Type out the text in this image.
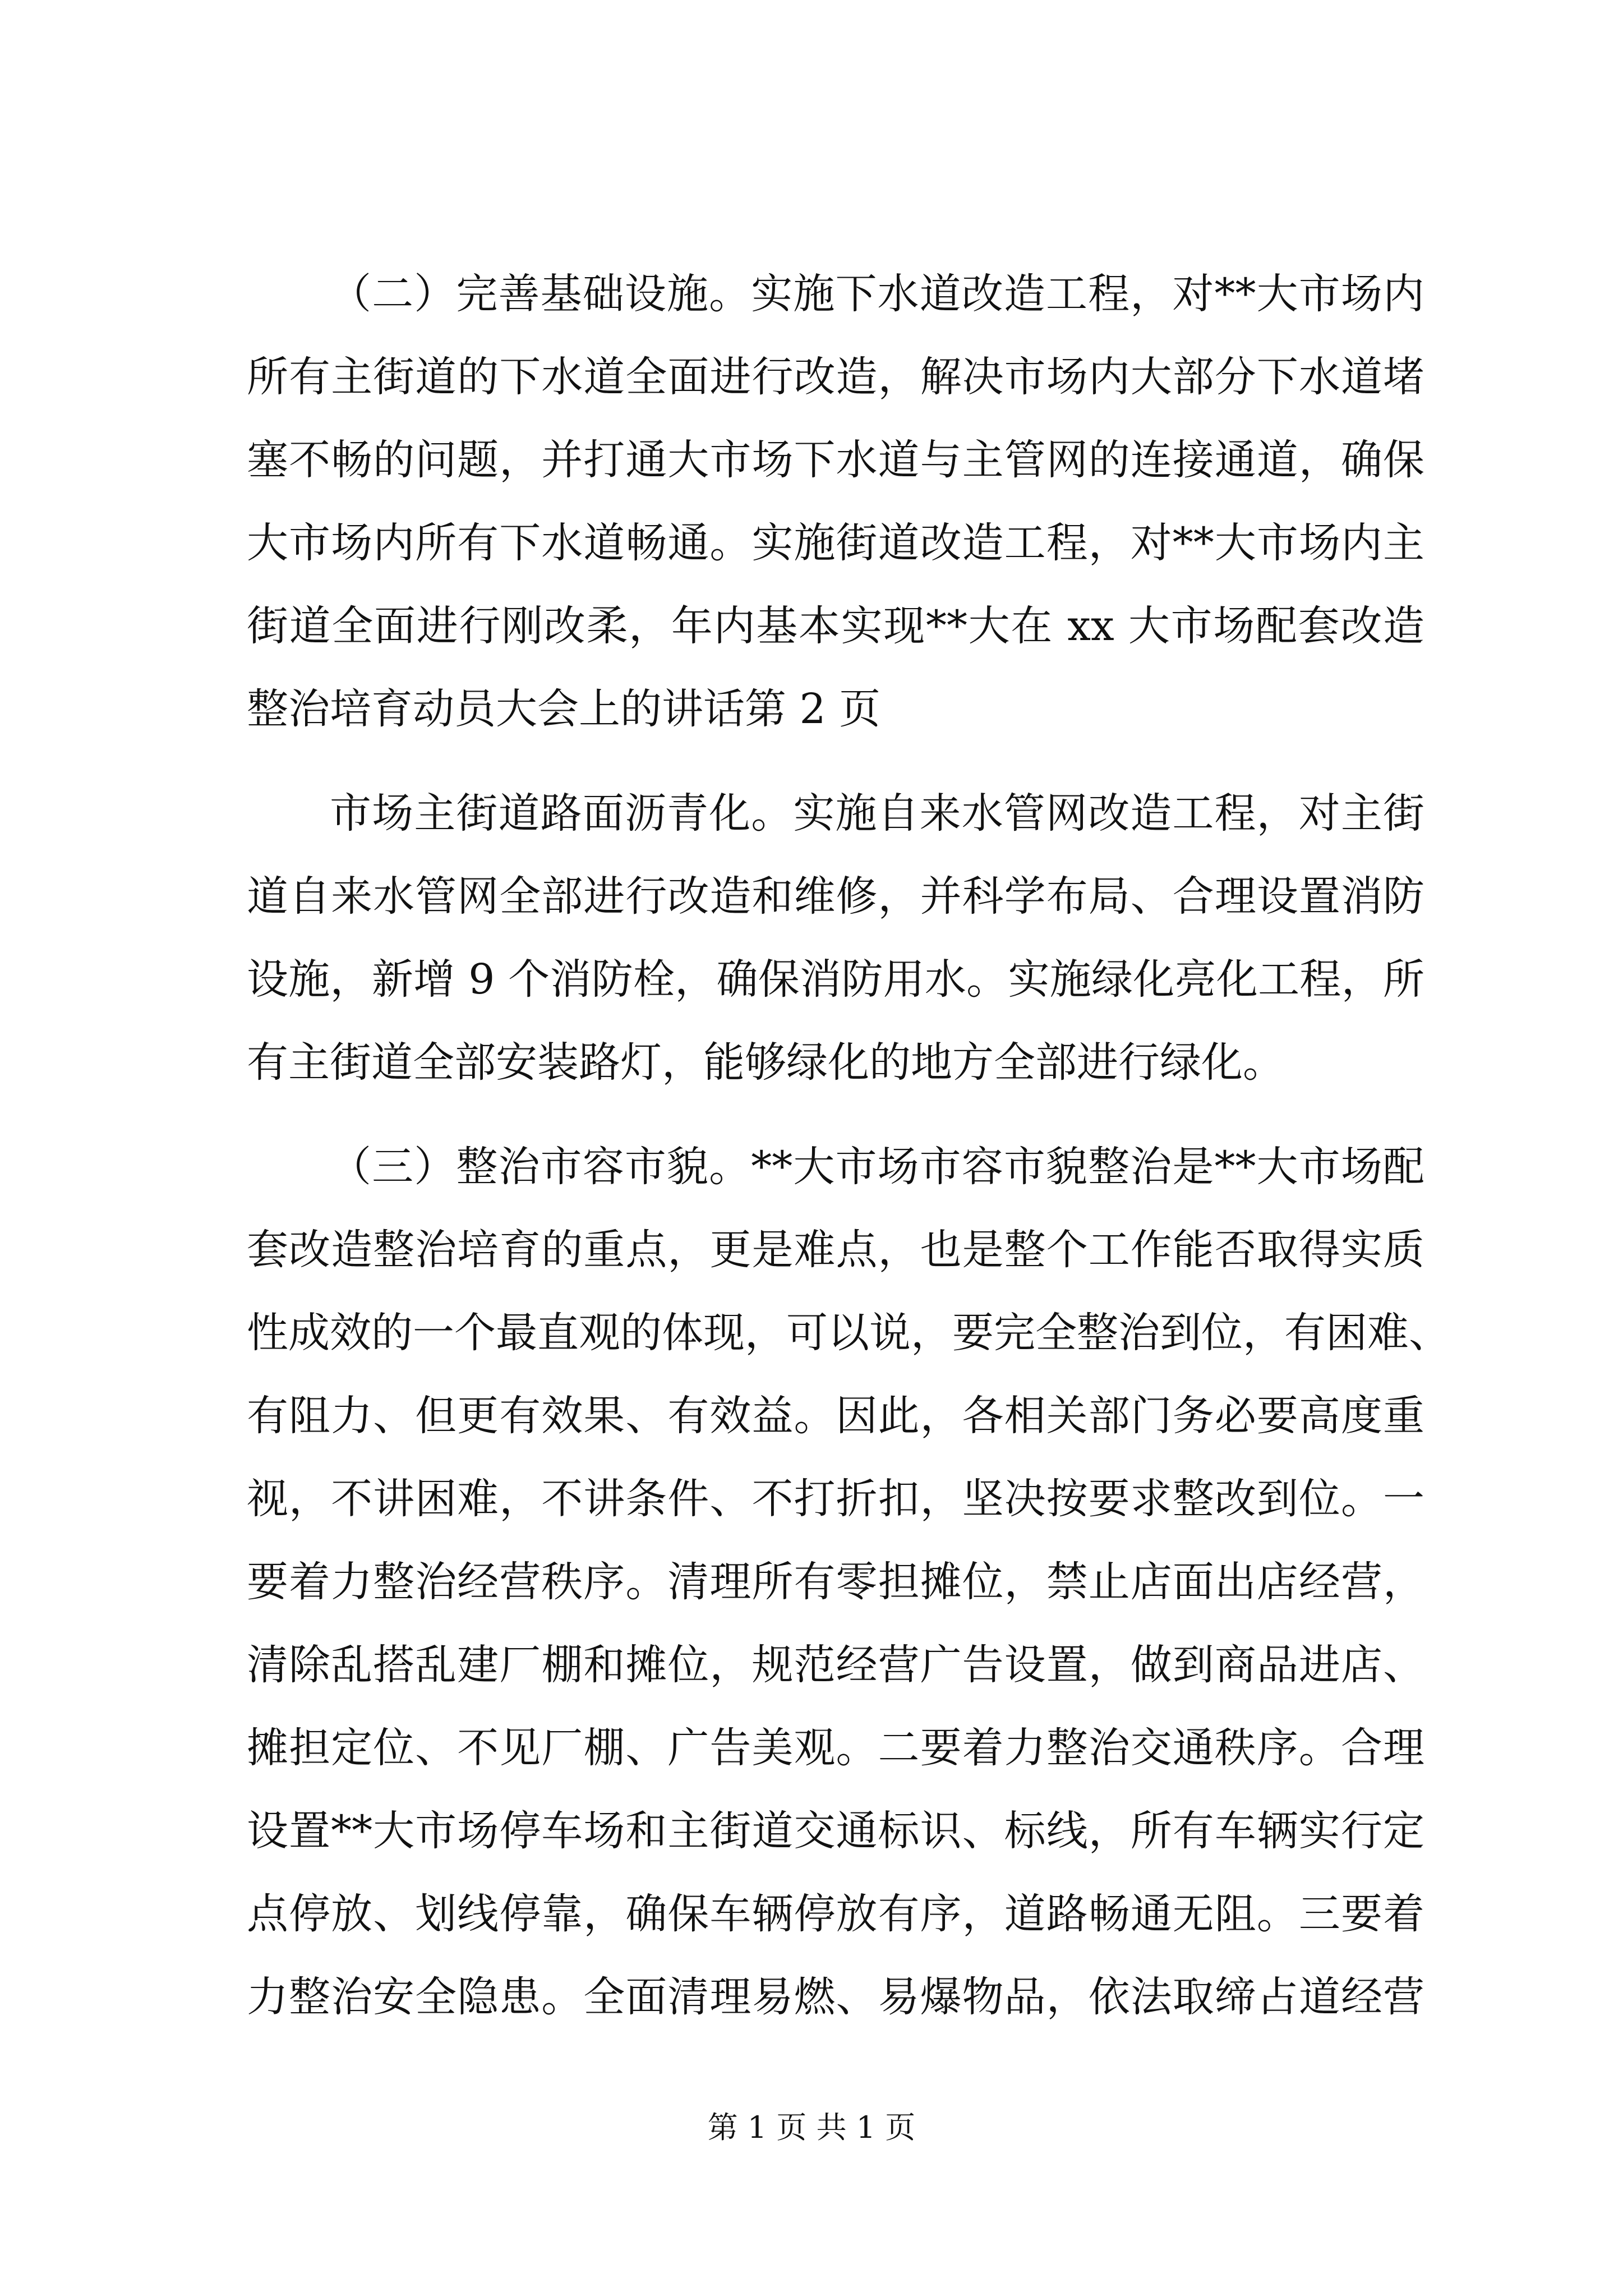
（二）完善基础设施。实施下水道改造工程，对**大市场内
所有主街道的下水道全面进行改造，解决市场内大部分下水道堵
塞不畅的问题，并打通大市场下水道与主管网的连接通道，确保
大市场内所有下水道畅通。实施街道改造工程，对**大市场内主
街道全面进行刚改柔，年内基本实现**大在 xx 大市场配套改造
整治培育动员大会上的讲话第 2 页
市场主街道路面沥青化。实施自来水管网改造工程，对主街
道自来水管网全部进行改造和维修，并科学布局、合理设置消防
设施，新增 9 个消防栓，确保消防用水。实施绿化亮化工程，所
有主街道全部安装路灯，能够绿化的地方全部进行绿化。
（三）整治市容市貌。**大市场市容市貌整治是**大市场配
套改造整治培育的重点，更是难点，也是整个工作能否取得实质
性成效的一个最直观的体现，可以说，要完全整治到位，有困难、
有阻力、但更有效果、有效益。因此，各相关部门务必要高度重
视，不讲困难，不讲条件、不打折扣，坚决按要求整改到位。一
要着力整治经营秩序。清理所有零担摊位，禁止店面出店经营，
清除乱搭乱建厂棚和摊位，规范经营广告设置，做到商品进店、
摊担定位、不见厂棚、广告美观。二要着力整治交通秩序。合理
设置**大市场停车场和主街道交通标识、标线，所有车辆实行定
点停放、划线停靠，确保车辆停放有序，道路畅通无阻。三要着
力整治安全隐患。全面清理易燃、易爆物品，依法取缔占道经营
第 1 页 共 1 页
